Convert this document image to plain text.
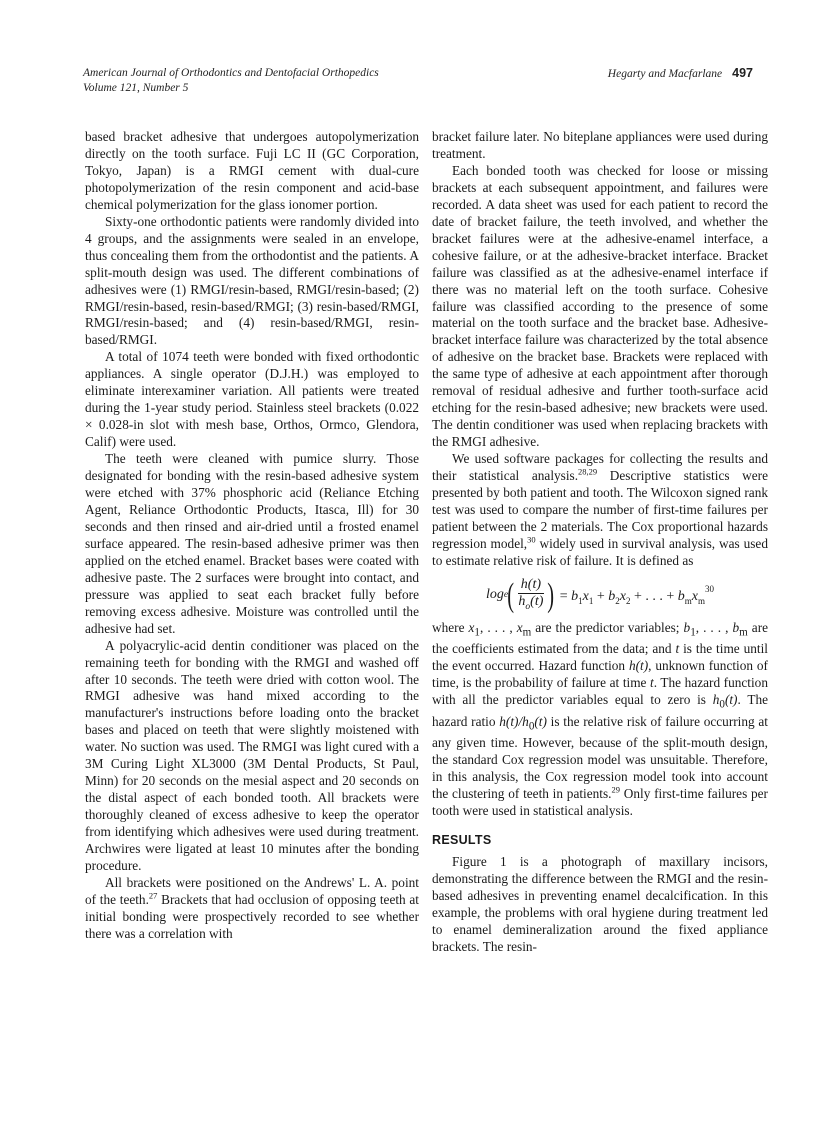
American Journal of Orthodontics and Dentofacial Orthopedics
Volume 121, Number 5
Hegarty and Macfarlane 497

based bracket adhesive that undergoes autopolymerization directly on the tooth surface. Fuji LC II (GC Corporation, Tokyo, Japan) is a RMGI cement with dual-cure photopolymerization of the resin component and acid-base chemical polymerization for the glass ionomer portion.

Sixty-one orthodontic patients were randomly divided into 4 groups, and the assignments were sealed in an envelope, thus concealing them from the orthodontist and the patients. A split-mouth design was used. The different combinations of adhesives were (1) RMGI/resin-based, RMGI/resin-based; (2) RMGI/resin-based, resin-based/RMGI; (3) resin-based/RMGI, RMGI/resin-based; and (4) resin-based/RMGI, resin-based/RMGI.

A total of 1074 teeth were bonded with fixed orthodontic appliances. A single operator (D.J.H.) was employed to eliminate interexaminer variation. All patients were treated during the 1-year study period. Stainless steel brackets (0.022 × 0.028-in slot with mesh base, Orthos, Ormco, Glendora, Calif) were used.

The teeth were cleaned with pumice slurry. Those designated for bonding with the resin-based adhesive system were etched with 37% phosphoric acid (Reliance Etching Agent, Reliance Orthodontic Products, Itasca, Ill) for 30 seconds and then rinsed and air-dried until a frosted enamel surface appeared. The resin-based adhesive primer was then applied on the etched enamel. Bracket bases were coated with adhesive paste. The 2 surfaces were brought into contact, and pressure was applied to seat each bracket fully before removing excess adhesive. Moisture was controlled until the adhesive had set.

A polyacrylic-acid dentin conditioner was placed on the remaining teeth for bonding with the RMGI and washed off after 10 seconds. The teeth were dried with cotton wool. The RMGI adhesive was hand mixed according to the manufacturer's instructions before loading onto the bracket bases and placed on teeth that were slightly moistened with water. No suction was used. The RMGI was light cured with a 3M Curing Light XL3000 (3M Dental Products, St Paul, Minn) for 20 seconds on the mesial aspect and 20 seconds on the distal aspect of each bonded tooth. All brackets were thoroughly cleaned of excess adhesive to keep the operator from identifying which adhesives were used during treatment. Archwires were ligated at least 10 minutes after the bonding procedure.

All brackets were positioned on the Andrews' L. A. point of the teeth.$^{27}$ Brackets that had occlusion of opposing teeth at initial bonding were prospectively recorded to see whether there was a correlation with

bracket failure later. No biteplane appliances were used during treatment.

Each bonded tooth was checked for loose or missing brackets at each subsequent appointment, and failures were recorded. A data sheet was used for each patient to record the date of bracket failure, the teeth involved, and whether the bracket failures were at the adhesive-enamel interface, a cohesive failure, or at the adhesive-bracket interface. Bracket failure was classified as at the adhesive-enamel interface if there was no material left on the tooth surface. Cohesive failure was classified according to the presence of some material on the tooth surface and the bracket base. Adhesive-bracket interface failure was characterized by the total absence of adhesive on the bracket base. Brackets were replaced with the same type of adhesive at each appointment after thorough removal of residual adhesive and further tooth-surface acid etching for the resin-based adhesive; new brackets were used. The dentin conditioner was used when replacing brackets with the RMGI adhesive.

We used software packages for collecting the results and their statistical analysis.$^{28,29}$ Descriptive statistics were presented by both patient and tooth. The Wilcoxon signed rank test was used to compare the number of first-time failures per patient between the 2 materials. The Cox proportional hazards regression model,$^{30}$ widely used in survival analysis, was used to estimate relative risk of failure. It is defined as

log e ( $\frac{h(t)}{h_o(t)}$ ) = $b_1x_1 + b_2x_2$ + . . . + $b_mx_m^{30}$

where $x_1$, . . . , $x_m$ are the predictor variables; $b_1$, . . . , $b_m$ are the coefficients estimated from the data; and t is the time until the event occurred. Hazard function h(t), unknown function of time, is the probability of failure at time t. The hazard function with all the predictor variables equal to zero is $h_0(t)$. The hazard ratio $h(t)/h_0(t)$ is the relative risk of failure occurring at any given time. However, because of the split-mouth design, the standard Cox regression model was unsuitable. Therefore, in this analysis, the Cox regression model took into account the clustering of teeth in patients.$^{29}$ Only first-time failures per tooth were used in statistical analysis.

RESULTS

Figure 1 is a photograph of maxillary incisors, demonstrating the difference between the RMGI and the resin-based adhesives in preventing enamel decalcification. In this example, the problems with oral hygiene during treatment led to enamel demineralization around the fixed appliance brackets. The resin-
